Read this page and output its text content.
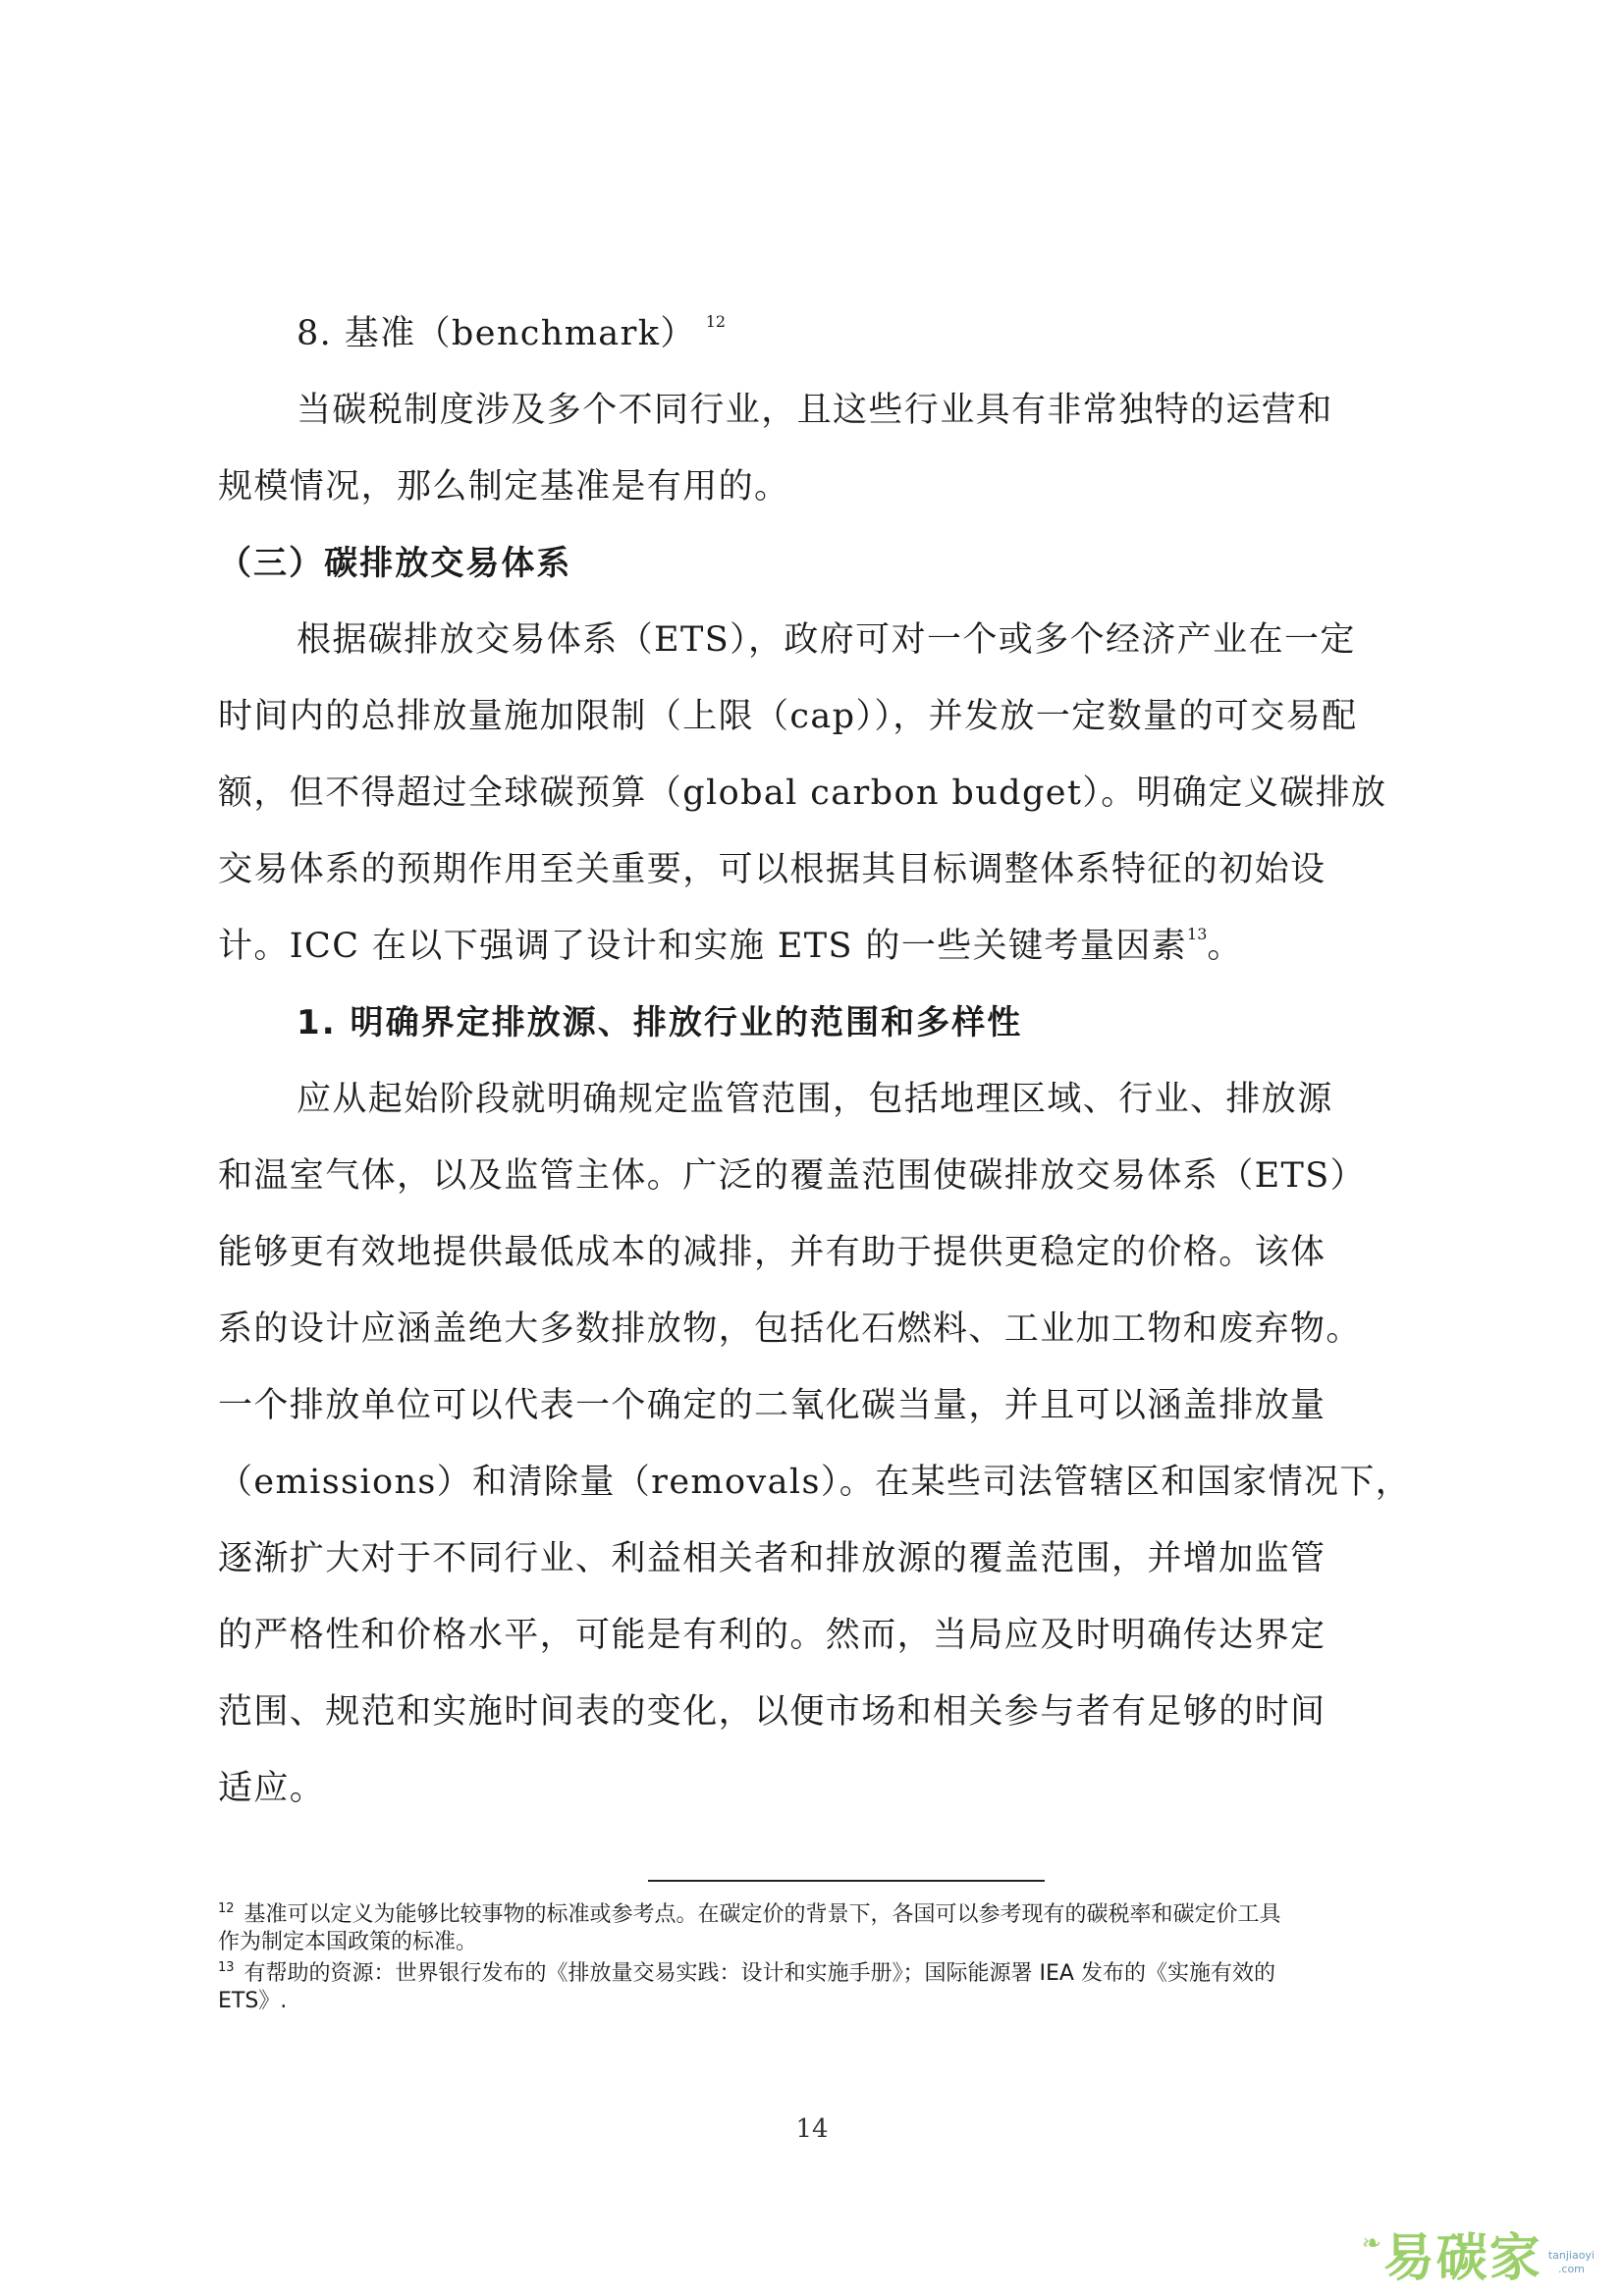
8. 基准（benchmark） $^{12}$
当碳税制度涉及多个不同行业，且这些行业具有非常独特的运营和
规模情况，那么制定基准是有用的。
（三）碳排放交易体系
根据碳排放交易体系（ETS），政府可对一个或多个经济产业在一定
时间内的总排放量施加限制（上限（cap）），并发放一定数量的可交易配
额，但不得超过全球碳预算（global carbon budget）。明确定义碳排放
交易体系的预期作用至关重要，可以根据其目标调整体系特征的初始设
计。ICC 在以下强调了设计和实施 ETS 的一些关键考量因素$^{13}$。
1. 明确界定排放源、排放行业的范围和多样性
应从起始阶段就明确规定监管范围，包括地理区域、行业、排放源
和温室气体，以及监管主体。广泛的覆盖范围使碳排放交易体系（ETS）
能够更有效地提供最低成本的减排，并有助于提供更稳定的价格。该体
系的设计应涵盖绝大多数排放物，包括化石燃料、工业加工物和废弃物。
一个排放单位可以代表一个确定的二氧化碳当量，并且可以涵盖排放量
（emissions）和清除量（removals）。在某些司法管辖区和国家情况下，
逐渐扩大对于不同行业、利益相关者和排放源的覆盖范围，并增加监管
的严格性和价格水平，可能是有利的。然而，当局应及时明确传达界定
范围、规范和实施时间表的变化，以便市场和相关参与者有足够的时间
适应。
$^{12}$ 基准可以定义为能够比较事物的标准或参考点。在碳定价的背景下，各国可以参考现有的碳税率和碳定价工具
作为制定本国政策的标准。
$^{13}$ 有帮助的资源：世界银行发布的《排放量交易实践：设计和实施手册》；国际能源署 IEA 发布的《实施有效的
ETS》.
14
❧ 易碳家 tanjiaoyi
.com
